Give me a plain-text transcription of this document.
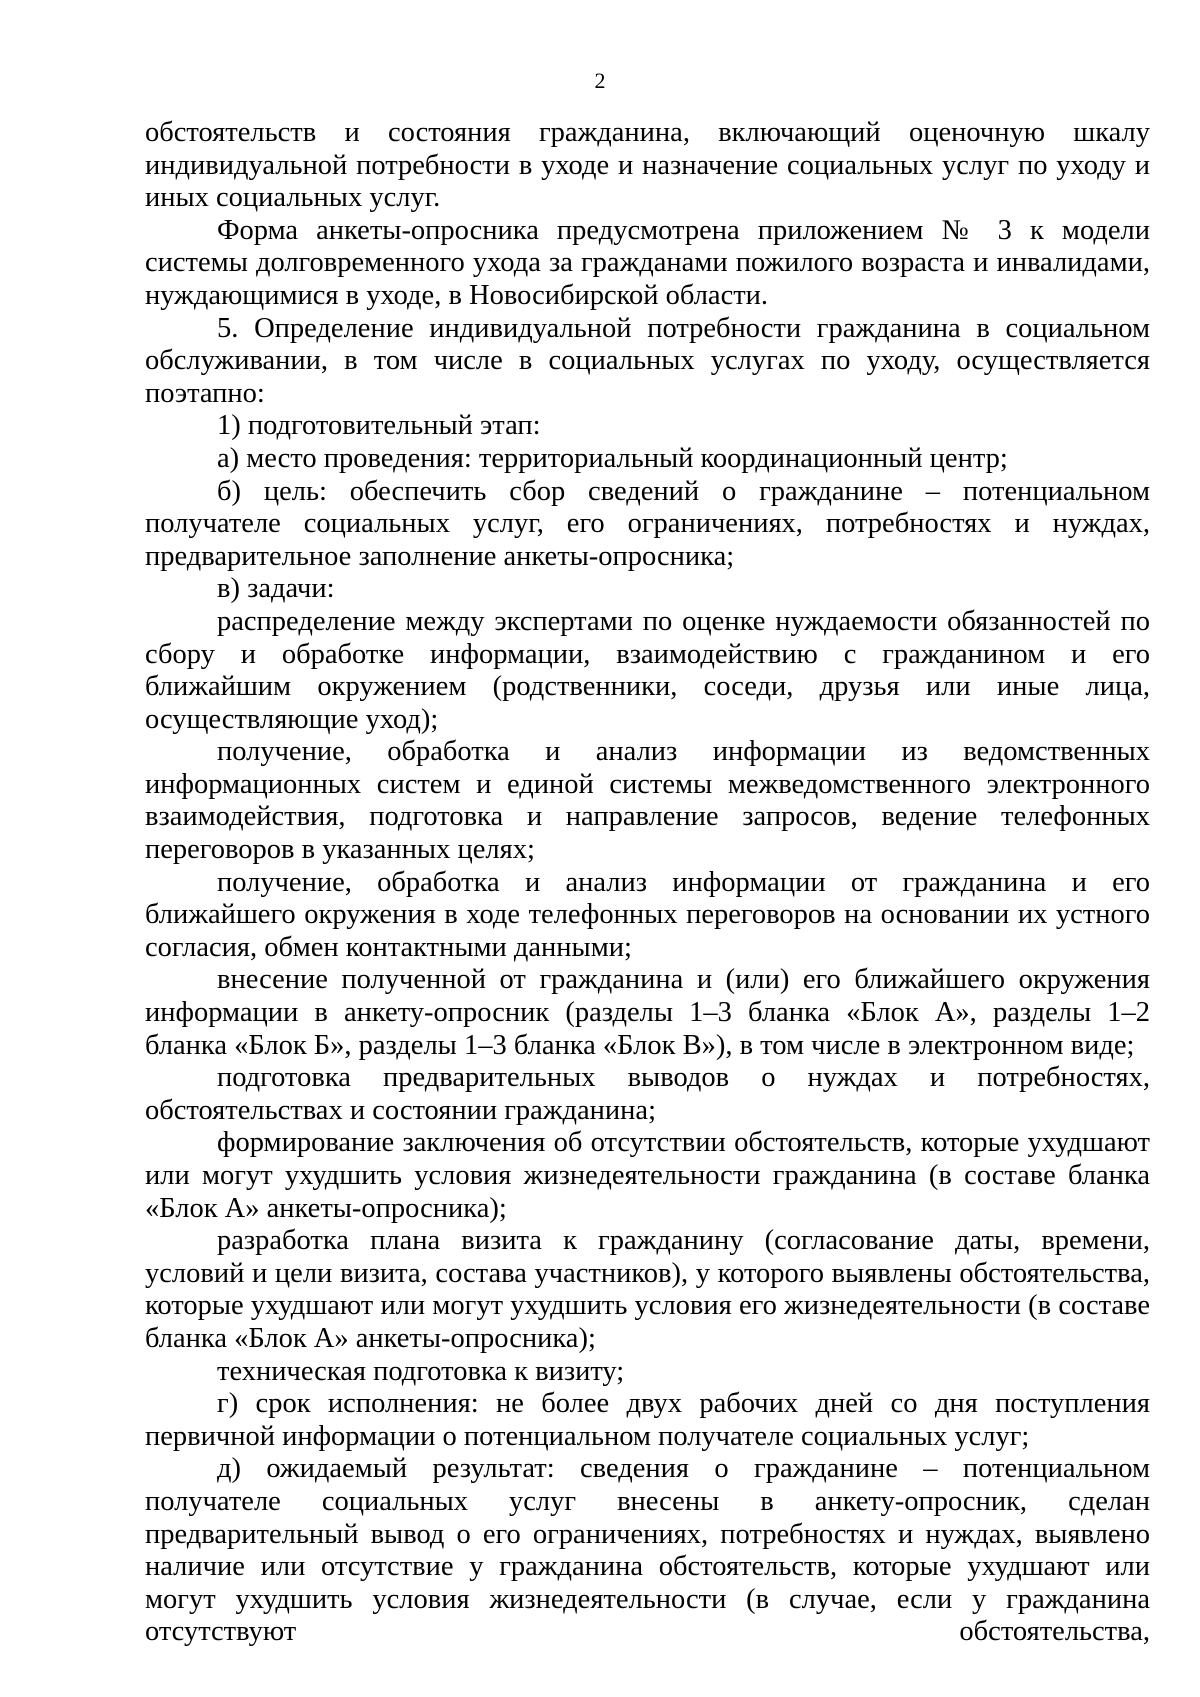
2

обстоятельств и состояния гражданина, включающий оценочную шкалу индивидуальной потребности в уходе и назначение социальных услуг по уходу и иных социальных услуг.

Форма анкеты-опросника предусмотрена приложением № 3 к модели системы долговременного ухода за гражданами пожилого возраста и инвалидами, нуждающимися в уходе, в Новосибирской области.

5. Определение индивидуальной потребности гражданина в социальном обслуживании, в том числе в социальных услугах по уходу, осуществляется поэтапно:

1) подготовительный этап:

а) место проведения: территориальный координационный центр;

б) цель: обеспечить сбор сведений о гражданине – потенциальном получателе социальных услуг, его ограничениях, потребностях и нуждах, предварительное заполнение анкеты-опросника;

в) задачи:

распределение между экспертами по оценке нуждаемости обязанностей по сбору и обработке информации, взаимодействию с гражданином и его ближайшим окружением (родственники, соседи, друзья или иные лица, осуществляющие уход);

получение, обработка и анализ информации из ведомственных информационных систем и единой системы межведомственного электронного взаимодействия, подготовка и направление запросов, ведение телефонных переговоров в указанных целях;

получение, обработка и анализ информации от гражданина и его ближайшего окружения в ходе телефонных переговоров на основании их устного согласия, обмен контактными данными;

внесение полученной от гражданина и (или) его ближайшего окружения информации в анкету-опросник (разделы 1–3 бланка «Блок А», разделы 1–2 бланка «Блок Б», разделы 1–3 бланка «Блок В»), в том числе в электронном виде;

подготовка предварительных выводов о нуждах и потребностях, обстоятельствах и состоянии гражданина;

формирование заключения об отсутствии обстоятельств, которые ухудшают или могут ухудшить условия жизнедеятельности гражданина (в составе бланка «Блок А» анкеты-опросника);

разработка плана визита к гражданину (согласование даты, времени, условий и цели визита, состава участников), у которого выявлены обстоятельства, которые ухудшают или могут ухудшить условия его жизнедеятельности (в составе бланка «Блок А» анкеты-опросника);

техническая подготовка к визиту;

г) срок исполнения: не более двух рабочих дней со дня поступления первичной информации о потенциальном получателе социальных услуг;

д) ожидаемый результат: сведения о гражданине – потенциальном получателе социальных услуг внесены в анкету-опросник, сделан предварительный вывод о его ограничениях, потребностях и нуждах, выявлено наличие или отсутствие у гражданина обстоятельств, которые ухудшают или могут ухудшить условия жизнедеятельности (в случае, если у гражданина отсутствуют обстоятельства,
